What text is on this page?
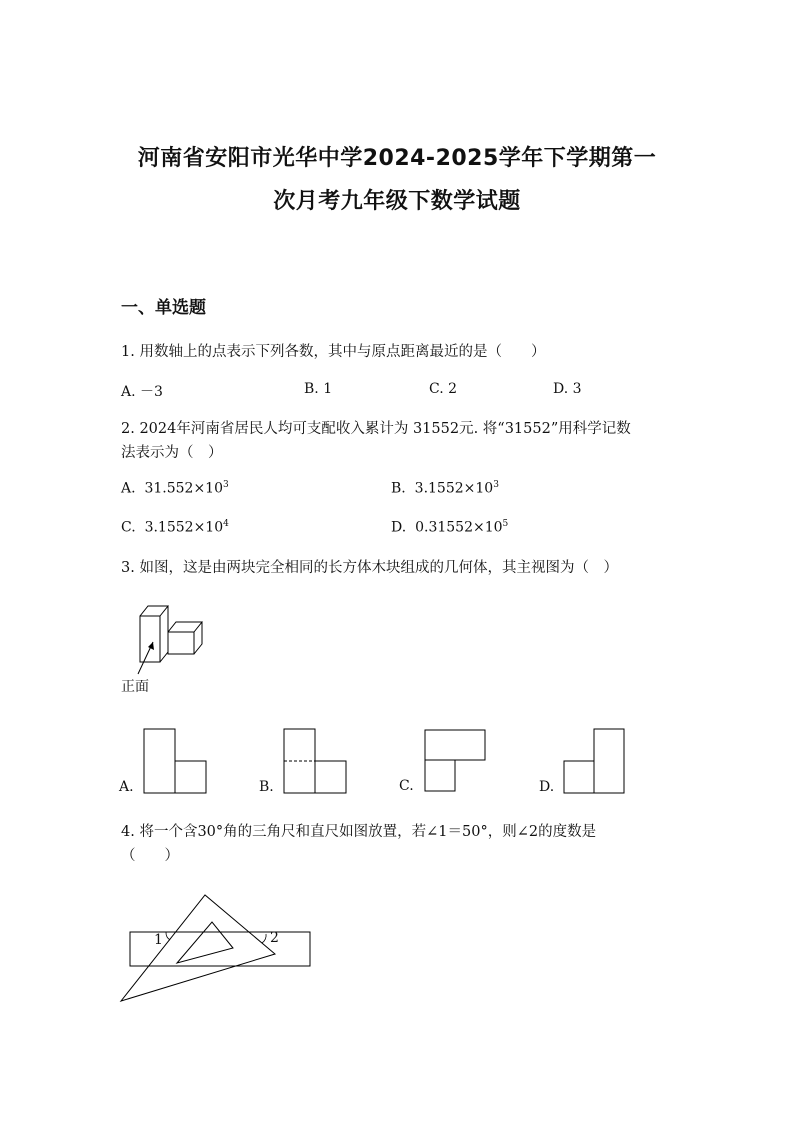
河南省安阳市光华中学2024-2025学年下学期第一
次月考九年级下数学试题
一、单选题
1. 用数轴上的点表示下列各数，其中与原点距离最近的是（　　）
A. －3	B. 1	C. 2	D. 3
2. 2024年河南省居民人均可支配收入累计为 31552元. 将“31552”用科学记数
法表示为（　）
A. $31.552\times 10^3$	B. $3.1552\times 10^3$
C. $3.1552\times 10^4$	D. $0.31552\times 10^5$
3. 如图，这是由两块完全相同的长方体木块组成的几何体，其主视图为（　）
正面
A.	B.	C.	D.
4. 将一个含30°角的三角尺和直尺如图放置，若∠1＝50°，则∠2的度数是
（　　）
1	2
